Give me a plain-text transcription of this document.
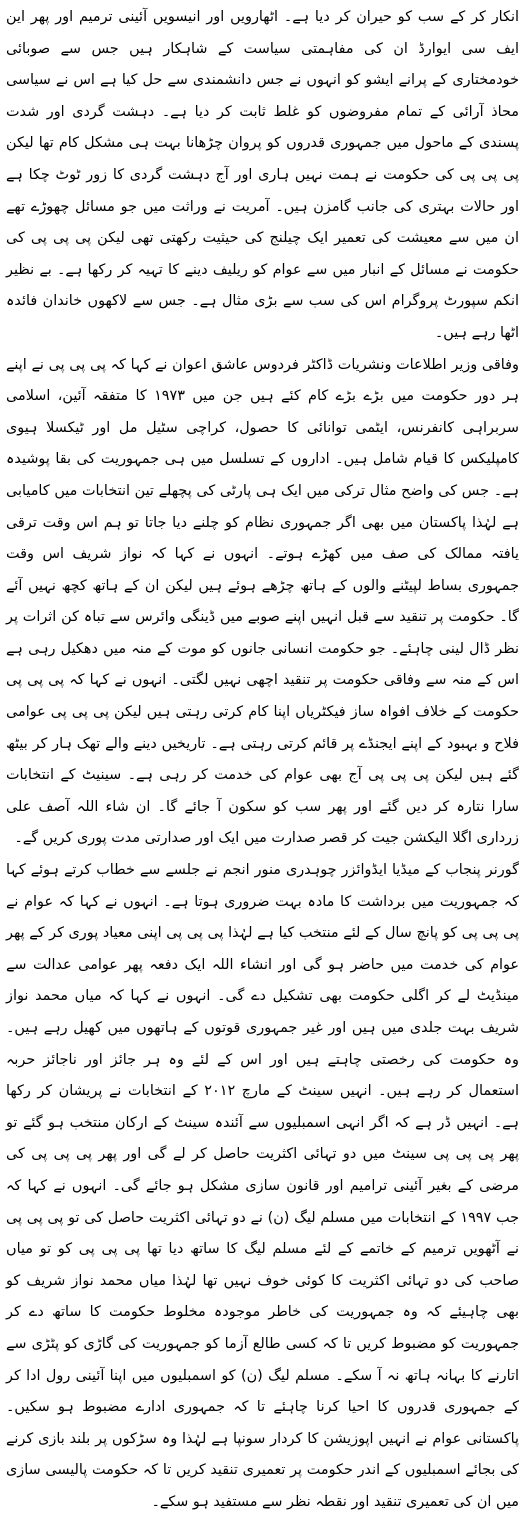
انکار کر کے سب کو حیران کر دیا ہے۔ اٹھارویں اور انیسویں آئینی ترمیم اور پھر این ایف سی ایوارڈ ان کی مفاہمتی سیاست کے شاہکار ہیں جس سے صوبائی خودمختاری کے پرانے ایشو کو انہوں نے جس دانشمندی سے حل کیا ہے اس نے سیاسی محاذ آرائی کے تمام مفروضوں کو غلط ثابت کر دیا ہے۔ دہشت گردی اور شدت پسندی کے ماحول میں جمہوری قدروں کو پروان چڑھانا بہت ہی مشکل کام تھا لیکن پی پی پی کی حکومت نے ہمت نہیں ہاری اور آج دہشت گردی کا زور ٹوٹ چکا ہے اور حالات بہتری کی جانب گامزن ہیں۔ آمریت نے وراثت میں جو مسائل چھوڑے تھے ان میں سے معیشت کی تعمیر ایک چیلنج کی حیثیت رکھتی تھی لیکن پی پی پی کی حکومت نے مسائل کے انبار میں سے عوام کو ریلیف دینے کا تہیہ کر رکھا ہے۔ بے نظیر انکم سپورٹ پروگرام اس کی سب سے بڑی مثال ہے۔ جس سے لاکھوں خاندان فائدہ اٹھا رہے ہیں۔

وفاقی وزیر اطلاعات ونشریات ڈاکٹر فردوس عاشق اعوان نے کہا کہ پی پی پی نے اپنے ہر دور حکومت میں بڑے بڑے کام کئے ہیں جن میں ۱۹۷۳ کا متفقہ آئین، اسلامی سربراہی کانفرنس، ایٹمی توانائی کا حصول، کراچی سٹیل مل اور ٹیکسلا ہیوی کامپلیکس کا قیام شامل ہیں۔ اداروں کے تسلسل میں ہی جمہوریت کی بقا پوشیدہ ہے۔ جس کی واضح مثال ترکی میں ایک ہی پارٹی کی پچھلے تین انتخابات میں کامیابی ہے لہٰذا پاکستان میں بھی اگر جمہوری نظام کو چلنے دیا جاتا تو ہم اس وقت ترقی یافتہ ممالک کی صف میں کھڑے ہوتے۔ انہوں نے کہا کہ نواز شریف اس وقت جمہوری بساط لپیٹنے والوں کے ہاتھ چڑھے ہوئے ہیں لیکن ان کے ہاتھ کچھ نہیں آئے گا۔ حکومت پر تنقید سے قبل انہیں اپنے صوبے میں ڈینگی وائرس سے تباہ کن اثرات پر نظر ڈال لینی چاہئے۔ جو حکومت انسانی جانوں کو موت کے منہ میں دھکیل رہی ہے اس کے منہ سے وفاقی حکومت پر تنقید اچھی نہیں لگتی۔ انہوں نے کہا کہ پی پی پی حکومت کے خلاف افواہ ساز فیکٹریاں اپنا کام کرتی رہتی ہیں لیکن پی پی پی عوامی فلاح و بہبود کے اپنے ایجنڈے پر قائم کرتی رہتی ہے۔ تاریخیں دینے والے تھک ہار کر بیٹھ گئے ہیں لیکن پی پی پی آج بھی عوام کی خدمت کر رہی ہے۔ سینیٹ کے انتخابات سارا نتارہ کر دیں گئے اور پھر سب کو سکون آ جائے گا۔ ان شاء اللہ آصف علی زرداری اگلا الیکشن جیت کر قصر صدارت میں ایک اور صدارتی مدت پوری کریں گے۔

گورنر پنجاب کے میڈیا ایڈوائزر چوہدری منور انجم نے جلسے سے خطاب کرتے ہوئے کہا کہ جمہوریت میں برداشت کا مادہ بہت ضروری ہوتا ہے۔ انہوں نے کہا کہ عوام نے پی پی پی کو پانچ سال کے لئے منتخب کیا ہے لہٰذا پی پی پی اپنی معیاد پوری کر کے پھر عوام کی خدمت میں حاضر ہو گی اور انشاء اللہ ایک دفعہ پھر عوامی عدالت سے مینڈیٹ لے کر اگلی حکومت بھی تشکیل دے گی۔ انہوں نے کہا کہ میاں محمد نواز شریف بہت جلدی میں ہیں اور غیر جمہوری قوتوں کے ہاتھوں میں کھیل رہے ہیں۔ وہ حکومت کی رخصتی چاہتے ہیں اور اس کے لئے وہ ہر جائز اور ناجائز حربہ استعمال کر رہے ہیں۔ انہیں سینٹ کے مارچ ۲۰۱۲ کے انتخابات نے پریشان کر رکھا ہے۔ انہیں ڈر ہے کہ اگر انہی اسمبلیوں سے آئندہ سینٹ کے ارکان منتخب ہو گئے تو پھر پی پی پی سینٹ میں دو تہائی اکثریت حاصل کر لے گی اور پھر پی پی پی کی مرضی کے بغیر آئینی ترامیم اور قانون سازی مشکل ہو جائے گی۔ انہوں نے کہا کہ جب ۱۹۹۷ کے انتخابات میں مسلم لیگ (ن) نے دو تہائی اکثریت حاصل کی تو پی پی پی نے آٹھویں ترمیم کے خاتمے کے لئے مسلم لیگ کا ساتھ دیا تھا پی پی پی کو تو میاں صاحب کی دو تہائی اکثریت کا کوئی خوف نہیں تھا لہٰذا میاں محمد نواز شریف کو بھی چاہیئے کہ وہ جمہوریت کی خاطر موجودہ مخلوط حکومت کا ساتھ دے کر جمہوریت کو مضبوط کریں تا کہ کسی طالع آزما کو جمہوریت کی گاڑی کو پٹڑی سے اتارنے کا بہانہ ہاتھ نہ آ سکے۔ مسلم لیگ (ن) کو اسمبلیوں میں اپنا آئینی رول ادا کر کے جمہوری قدروں کا احیا کرنا چاہئے تا کہ جمہوری ادارے مضبوط ہو سکیں۔ پاکستانی عوام نے انہیں اپوزیشن کا کردار سونپا ہے لہٰذا وہ سڑکوں پر بلند بازی کرنے کی بجائے اسمبلیوں کے اندر حکومت پر تعمیری تنقید کریں تا کہ حکومت پالیسی سازی میں ان کی تعمیری تنقید اور نقطہ نظر سے مستفید ہو سکے۔
